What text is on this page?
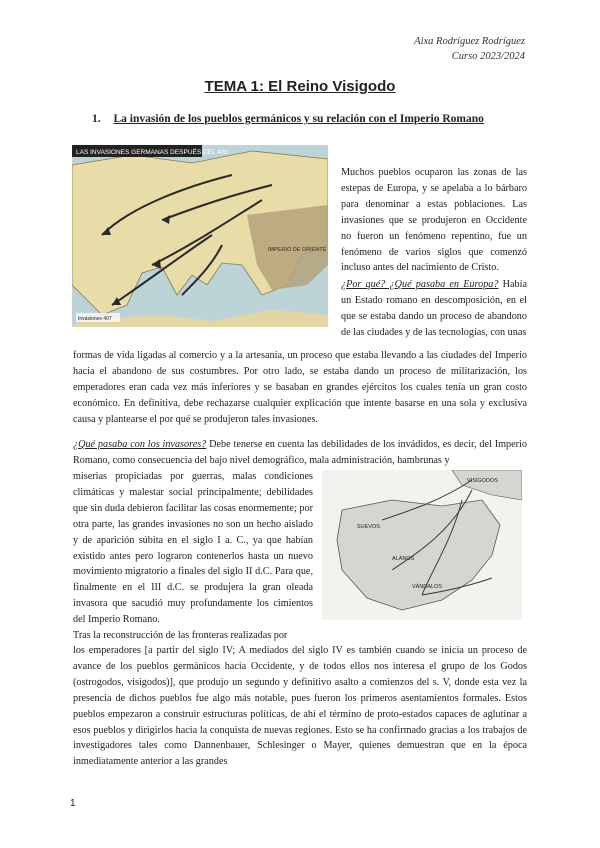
Aixa Rodríguez Rodríguez
Curso 2023/2024
TEMA 1: El Reino Visigodo
1. La invasión de los pueblos germánicos y su relación con el Imperio Romano
LAS INVASIONES GERMANAS DESPUÉS DEL 400
IMPERIO DE ORIENTE
Invasiones 407
VISIGODOS
SUEVOS
ALANOS
VÁNDALOS

Muchos pueblos ocuparon las zonas de las estepas de Europa, y se apelaba a lo bárbaro para denominar a estas poblaciones. Las invasiones que se produjeron en Occidente no fueron un fenómeno repentino, fue un fenómeno de varios siglos que comenzó incluso antes del nacimiento de Cristo.

¿Por qué? ¿Qué pasaba en Europa? Había un Estado romano en descomposición, en el que se estaba dando un proceso de abandono de las ciudades y de las tecnologías, con unas

formas de vida ligadas al comercio y a la artesanía, un proceso que estaba llevando a las ciudades del Imperio hacia el abandono de sus costumbres. Por otro lado, se estaba dando un proceso de militarización, los emperadores eran cada vez más inferiores y se basaban en grandes ejércitos los cuales tenía un gran costo económico. En definitiva, debe rechazarse cualquier explicación que intente basarse en una sola y exclusiva causa y plantearse el por qué se produjeron tales invasiones.

¿Qué pasaba con los invasores? Debe tenerse en cuenta las debilidades de los invádidos, es decir, del Imperio Romano, como consecuencia del bajo nivel demográfico, mala administración, hambrunas y

miserias propiciadas por guerras, malas condiciones climáticas y malestar social principalmente; debilidades que sin duda debieron facilitar las cosas enormemente; por otra parte, las grandes invasiones no son un hecho aislado y de aparición súbita en el siglo I a. C., ya que habían existido antes pero lograron contenerlos hasta un nuevo movimiento migratorio a finales del siglo II d.C. Para que, finalmente en el III d.C. se produjera la gran oleada invasora que sacudió muy profundamente los cimientos del Imperio Romano.

Tras la reconstrucción de las fronteras realizadas por

los emperadores [a partir del siglo IV; A mediados del siglo IV es también cuando se inicia un proceso de avance de los pueblos germánicos hacia Occidente, y de todos ellos nos interesa el grupo de los Godos (ostrogodos, visigodos)], que produjo un segundo y definitivo asalto a comienzos del s. V, donde esta vez la presencia de dichos pueblos fue algo más notable, pues fueron los primeros asentamientos formales. Estos pueblos empezaron a construir estructuras políticas, de ahí el término de proto-estados capaces de aglutinar a esos pueblos y dirigirlos hacia la conquista de nuevas regiones. Esto se ha confirmado gracias a los trabajos de investigadores tales como Dannenbauer, Schlesinger o Mayer, quienes demuestran que en la época inmediatamente anterior a las grandes

1
